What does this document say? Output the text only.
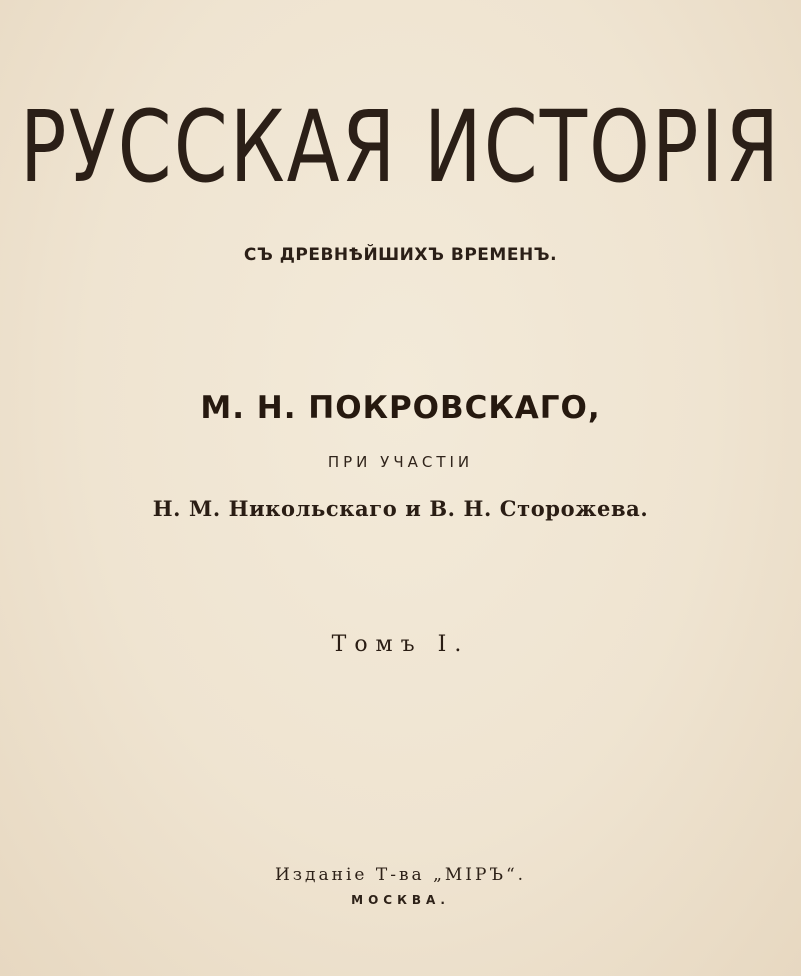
РУССКАЯ ИСТОРІЯ
СЪ ДРЕВНѢЙШИХЪ ВРЕМЕНЪ.
М. Н. ПОКРОВСКАГО,
ПРИ УЧАСТІИ
Н. М. Никольскаго и В. Н. Сторожева.
Томъ I.
Изданіе Т-ва „МІРЪ“.
МОСКВА.
